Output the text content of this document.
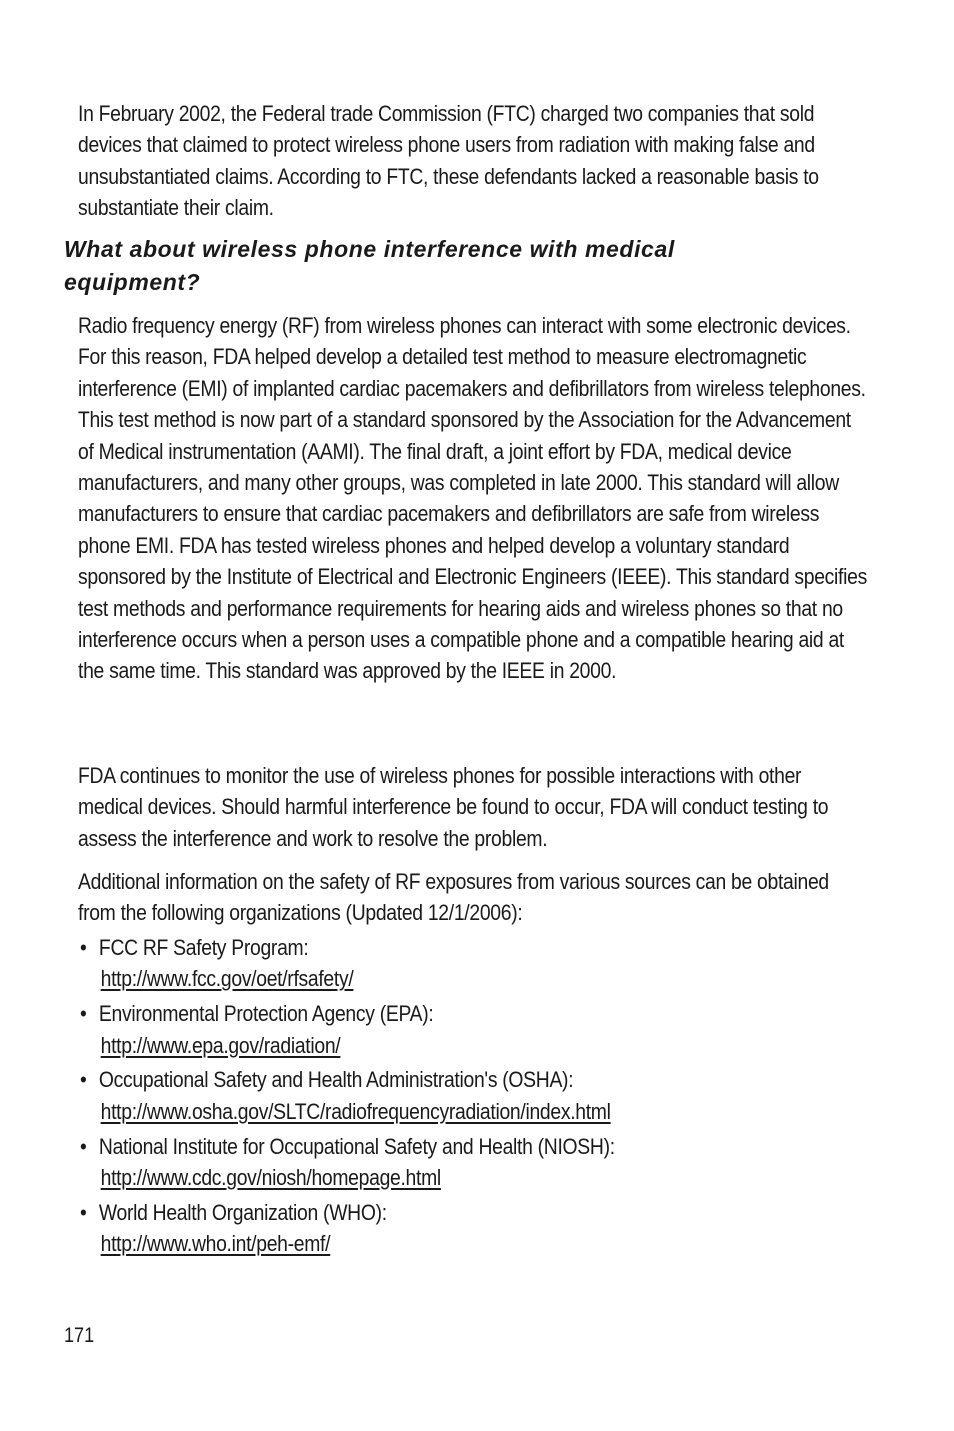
In February 2002, the Federal trade Commission (FTC) charged two companies that sold devices that claimed to protect wireless phone users from radiation with making false and unsubstantiated claims. According to FTC, these defendants lacked a reasonable basis to substantiate their claim.

What about wireless phone interference with medical equipment?

Radio frequency energy (RF) from wireless phones can interact with some electronic devices. For this reason, FDA helped develop a detailed test method to measure electromagnetic interference (EMI) of implanted cardiac pacemakers and defibrillators from wireless telephones. This test method is now part of a standard sponsored by the Association for the Advancement of Medical instrumentation (AAMI). The final draft, a joint effort by FDA, medical device manufacturers, and many other groups, was completed in late 2000. This standard will allow manufacturers to ensure that cardiac pacemakers and defibrillators are safe from wireless phone EMI. FDA has tested wireless phones and helped develop a voluntary standard sponsored by the Institute of Electrical and Electronic Engineers (IEEE). This standard specifies test methods and performance requirements for hearing aids and wireless phones so that no interference occurs when a person uses a compatible phone and a compatible hearing aid at the same time. This standard was approved by the IEEE in 2000.

FDA continues to monitor the use of wireless phones for possible interactions with other medical devices. Should harmful interference be found to occur, FDA will conduct testing to assess the interference and work to resolve the problem.

Additional information on the safety of RF exposures from various sources can be obtained from the following organizations (Updated 12/1/2006):

• FCC RF Safety Program:
http://www.fcc.gov/oet/rfsafety/
• Environmental Protection Agency (EPA):
http://www.epa.gov/radiation/
• Occupational Safety and Health Administration's (OSHA):
http://www.osha.gov/SLTC/radiofrequencyradiation/index.html
• National Institute for Occupational Safety and Health (NIOSH):
http://www.cdc.gov/niosh/homepage.html
• World Health Organization (WHO):
http://www.who.int/peh-emf/
171
